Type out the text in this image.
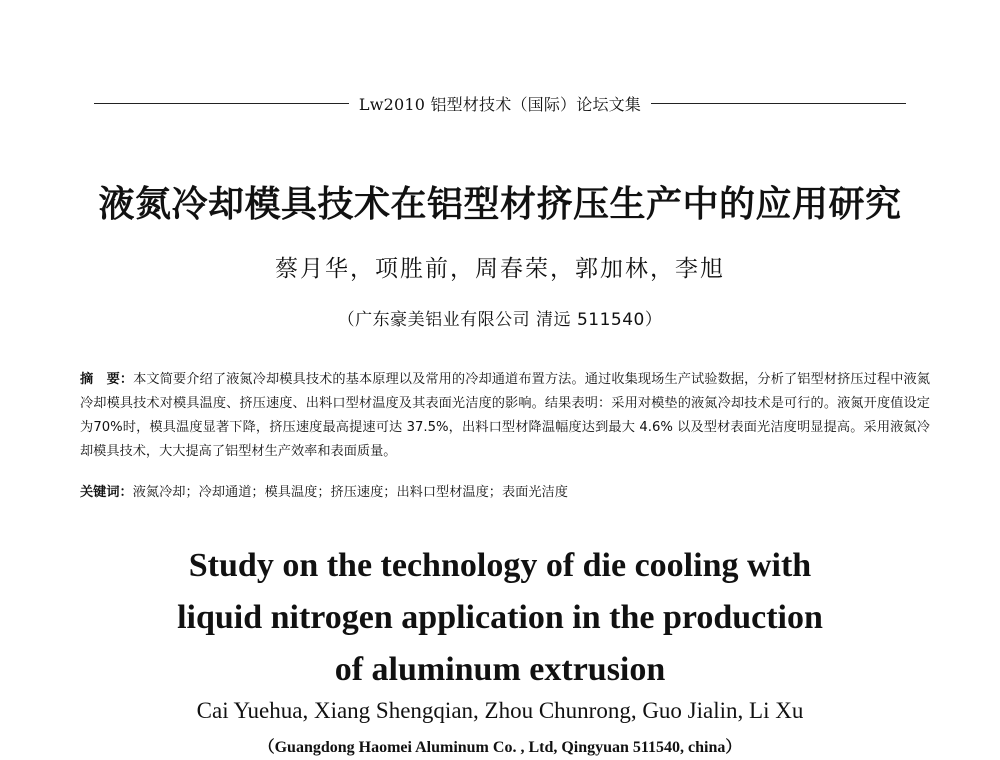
Lw2010 铝型材技术（国际）论坛文集
液氮冷却模具技术在铝型材挤压生产中的应用研究
蔡月华，项胜前，周春荣，郭加林，李旭
（广东豪美铝业有限公司 清远 511540）
摘　要：本文简要介绍了液氮冷却模具技术的基本原理以及常用的冷却通道布置方法。通过收集现场生产试验数据，分析了铝型材挤压过程中液氮冷却模具技术对模具温度、挤压速度、出料口型材温度及其表面光洁度的影响。结果表明：采用对模垫的液氮冷却技术是可行的。液氮开度值设定为70%时，模具温度显著下降，挤压速度最高提速可达 37.5%，出料口型材降温幅度达到最大 4.6% 以及型材表面光洁度明显提高。采用液氮冷却模具技术，大大提高了铝型材生产效率和表面质量。
关键词：液氮冷却；冷却通道；模具温度；挤压速度；出料口型材温度；表面光洁度
Study on the technology of die cooling with
liquid nitrogen application in the production
of aluminum extrusion
Cai Yuehua, Xiang Shengqian, Zhou Chunrong, Guo Jialin, Li Xu
（Guangdong Haomei Aluminum Co. , Ltd, Qingyuan 511540, china）
